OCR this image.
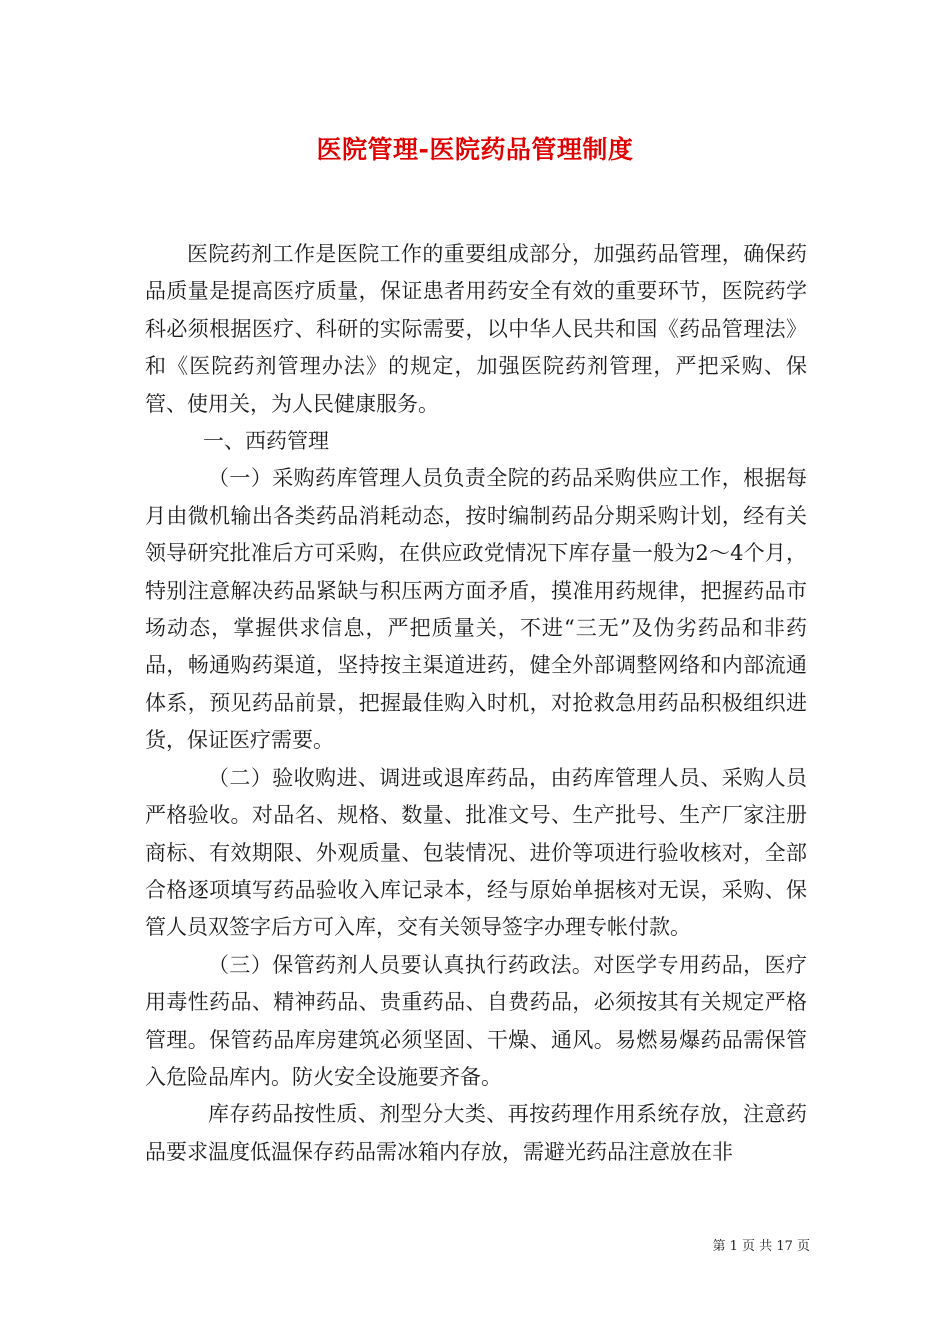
医院管理-医院药品管理制度

医院药剂工作是医院工作的重要组成部分，加强药品管理，确保药品质量是提高医疗质量，保证患者用药安全有效的重要环节，医院药学科必须根据医疗、科研的实际需要，以中华人民共和国《药品管理法》和《医院药剂管理办法》的规定，加强医院药剂管理，严把采购、保管、使用关，为人民健康服务。

一、西药管理

（一）采购药库管理人员负责全院的药品采购供应工作，根据每月由微机输出各类药品消耗动态，按时编制药品分期采购计划，经有关领导研究批准后方可采购，在供应政党情况下库存量一般为2～4个月，特别注意解决药品紧缺与积压两方面矛盾，摸准用药规律，把握药品市场动态，掌握供求信息，严把质量关，不进“三无”及伪劣药品和非药品，畅通购药渠道，坚持按主渠道进药，健全外部调整网络和内部流通体系，预见药品前景，把握最佳购入时机，对抢救急用药品积极组织进货，保证医疗需要。

（二）验收购进、调进或退库药品，由药库管理人员、采购人员严格验收。对品名、规格、数量、批准文号、生产批号、生产厂家注册商标、有效期限、外观质量、包装情况、进价等项进行验收核对，全部合格逐项填写药品验收入库记录本，经与原始单据核对无误，采购、保管人员双签字后方可入库，交有关领导签字办理专帐付款。

（三）保管药剂人员要认真执行药政法。对医学专用药品，医疗用毒性药品、精神药品、贵重药品、自费药品，必须按其有关规定严格管理。保管药品库房建筑必须坚固、干燥、通风。易燃易爆药品需保管入危险品库内。防火安全设施要齐备。

库存药品按性质、剂型分大类、再按药理作用系统存放，注意药品要求温度低温保存药品需冰箱内存放，需避光药品注意放在非

第 1 页 共 17 页
